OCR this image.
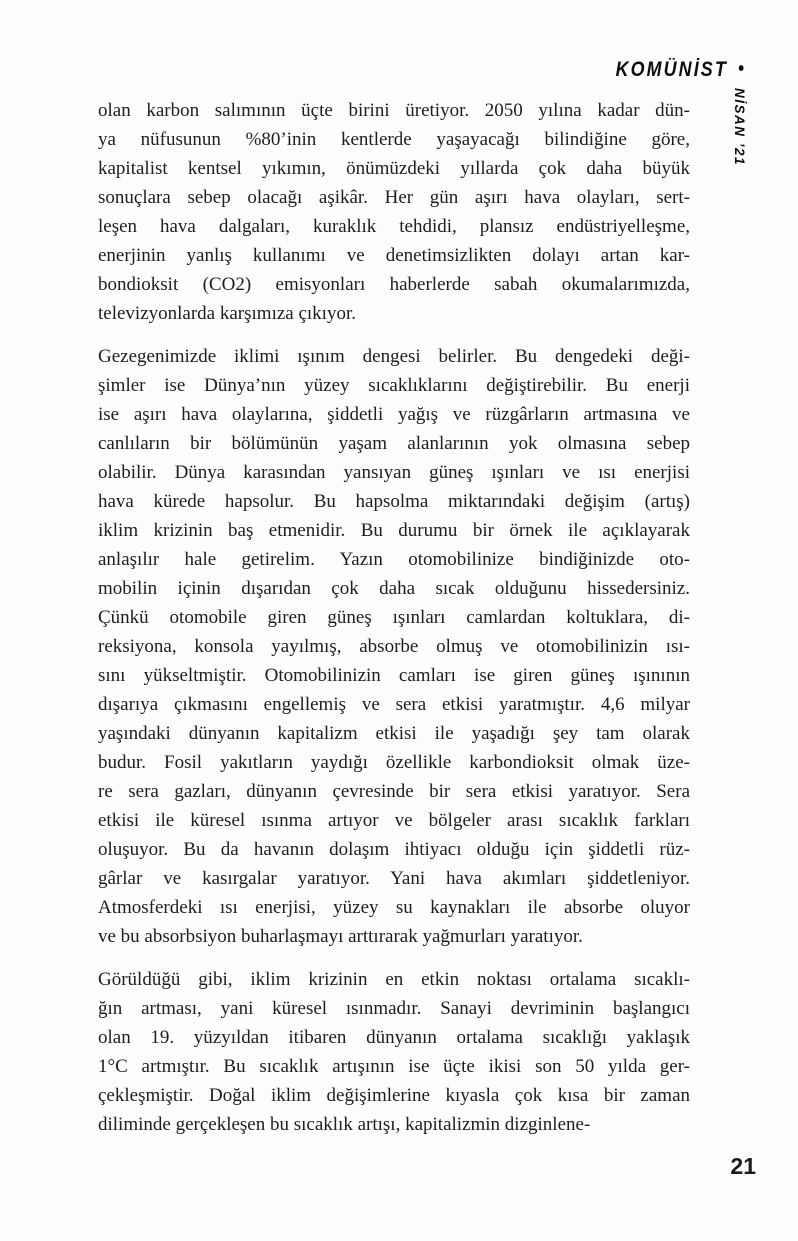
KOMÜNİST •
NİSAN ’21

olan karbon salımının üçte birini üretiyor. 2050 yılına kadar dün-
ya nüfusunun %80’inin kentlerde yaşayacağı bilindiğine göre,
kapitalist kentsel yıkımın, önümüzdeki yıllarda çok daha büyük
sonuçlara sebep olacağı aşikâr. Her gün aşırı hava olayları, sert-
leşen hava dalgaları, kuraklık tehdidi, plansız endüstriyelleşme,
enerjinin yanlış kullanımı ve denetimsizlikten dolayı artan kar-
bondioksit (CO2) emisyonları haberlerde sabah okumalarımızda,
televizyonlarda karşımıza çıkıyor.

Gezegenimizde iklimi ışınım dengesi belirler. Bu dengedeki deği-
şimler ise Dünya’nın yüzey sıcaklıklarını değiştirebilir. Bu enerji
ise aşırı hava olaylarına, şiddetli yağış ve rüzgârların artmasına ve
canlıların bir bölümünün yaşam alanlarının yok olmasına sebep
olabilir. Dünya karasından yansıyan güneş ışınları ve ısı enerjisi
hava kürede hapsolur. Bu hapsolma miktarındaki değişim (artış)
iklim krizinin baş etmenidir. Bu durumu bir örnek ile açıklayarak
anlaşılır hale getirelim. Yazın otomobilinize bindiğinizde oto-
mobilin içinin dışarıdan çok daha sıcak olduğunu hissedersiniz.
Çünkü otomobile giren güneş ışınları camlardan koltuklara, di-
reksiyona, konsola yayılmış, absorbe olmuş ve otomobilinizin ısı-
sını yükseltmiştir. Otomobilinizin camları ise giren güneş ışınının
dışarıya çıkmasını engellemiş ve sera etkisi yaratmıştır. 4,6 milyar
yaşındaki dünyanın kapitalizm etkisi ile yaşadığı şey tam olarak
budur. Fosil yakıtların yaydığı özellikle karbondioksit olmak üze-
re sera gazları, dünyanın çevresinde bir sera etkisi yaratıyor. Sera
etkisi ile küresel ısınma artıyor ve bölgeler arası sıcaklık farkları
oluşuyor. Bu da havanın dolaşım ihtiyacı olduğu için şiddetli rüz-
gârlar ve kasırgalar yaratıyor. Yani hava akımları şiddetleniyor.
Atmosferdeki ısı enerjisi, yüzey su kaynakları ile absorbe oluyor
ve bu absorbsiyon buharlaşmayı arttırarak yağmurları yaratıyor.

Görüldüğü gibi, iklim krizinin en etkin noktası ortalama sıcaklı-
ğın artması, yani küresel ısınmadır. Sanayi devriminin başlangıcı
olan 19. yüzyıldan itibaren dünyanın ortalama sıcaklığı yaklaşık
1°C artmıştır. Bu sıcaklık artışının ise üçte ikisi son 50 yılda ger-
çekleşmiştir. Doğal iklim değişimlerine kıyasla çok kısa bir zaman
diliminde gerçekleşen bu sıcaklık artışı, kapitalizmin dizginlene-

21
